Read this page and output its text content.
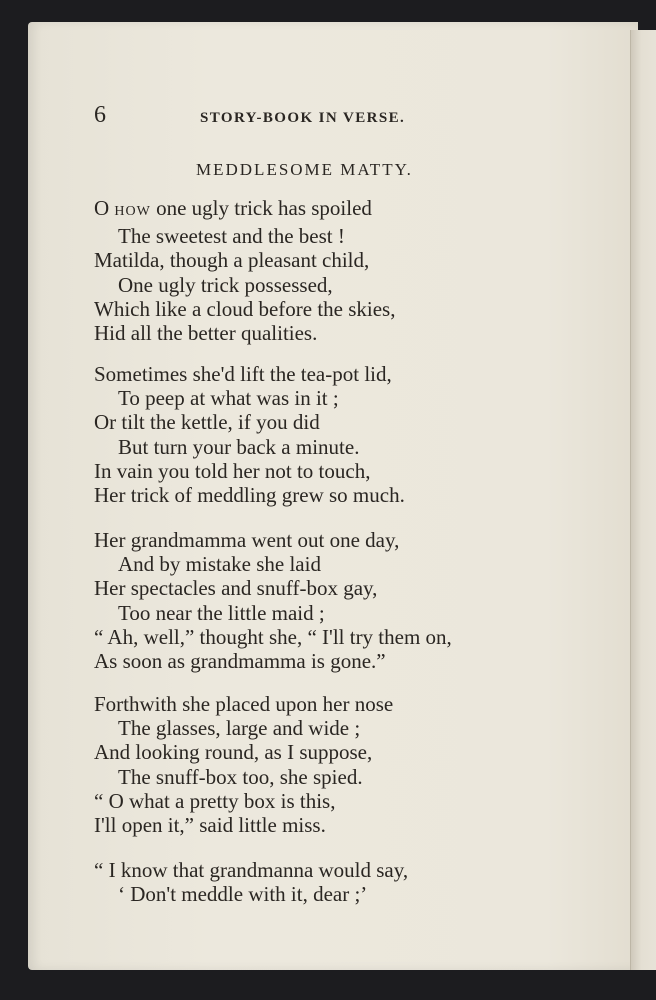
6	STORY-BOOK IN VERSE.
MEDDLESOME MATTY.
O HOW one ugly trick has spoiled
The sweetest and the best !
Matilda, though a pleasant child,
One ugly trick possessed,
Which like a cloud before the skies,
Hid all the better qualities.
Sometimes she'd lift the tea-pot lid,
To peep at what was in it ;
Or tilt the kettle, if you did
But turn your back a minute.
In vain you told her not to touch,
Her trick of meddling grew so much.
Her grandmamma went out one day,
And by mistake she laid
Her spectacles and snuff-box gay,
Too near the little maid ;
“ Ah, well,” thought she, “ I'll try them on,
As soon as grandmamma is gone.”
Forthwith she placed upon her nose
The glasses, large and wide ;
And looking round, as I suppose,
The snuff-box too, she spied.
“ O what a pretty box is this,
I'll open it,” said little miss.
“ I know that grandmanna would say,
‘ Don't meddle with it, dear ;’
